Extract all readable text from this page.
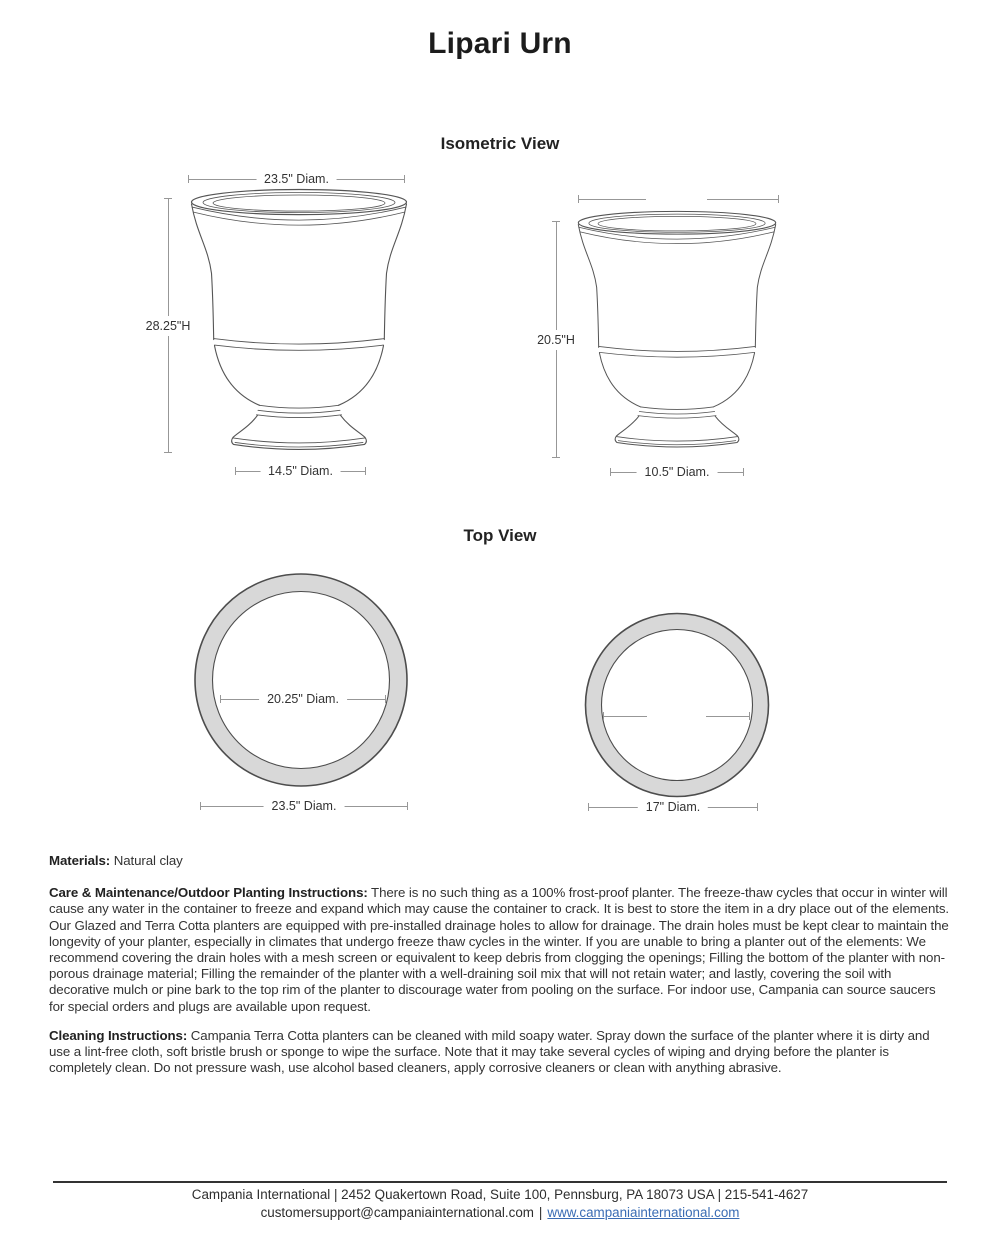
Lipari Urn
Isometric View
23.5" Diam.
28.25"H
20.5"H
14.5" Diam.	10.5" Diam.
Top View
20.25" Diam.
23.5" Diam.	17" Diam.

Materials: Natural clay

Care & Maintenance/Outdoor Planting Instructions: There is no such thing as a 100% frost-proof planter. The freeze-thaw cycles that occur in winter will cause any water in the container to freeze and expand which may cause the container to crack. It is best to store the item in a dry place out of the elements. Our Glazed and Terra Cotta planters are equipped with pre-installed drainage holes to allow for drainage. The drain holes must be kept clear to maintain the longevity of your planter, especially in climates that undergo freeze thaw cycles in the winter. If you are unable to bring a planter out of the elements: We recommend covering the drain holes with a mesh screen or equivalent to keep debris from clogging the openings; Filling the bottom of the planter with non-porous drainage material; Filling the remainder of the planter with a well-draining soil mix that will not retain water; and lastly, covering the soil with decorative mulch or pine bark to the top rim of the planter to discourage water from pooling on the surface. For indoor use, Campania can source saucers for special orders and plugs are available upon request.

Cleaning Instructions: Campania Terra Cotta planters can be cleaned with mild soapy water. Spray down the surface of the planter where it is dirty and use a lint-free cloth, soft bristle brush or sponge to wipe the surface. Note that it may take several cycles of wiping and drying before the planter is completely clean. Do not pressure wash, use alcohol based cleaners, apply corrosive cleaners or clean with anything abrasive.

Campania International | 2452 Quakertown Road, Suite 100, Pennsburg, PA 18073 USA | 215-541-4627
customersupport@campaniainternational.com | www.campaniainternational.com
